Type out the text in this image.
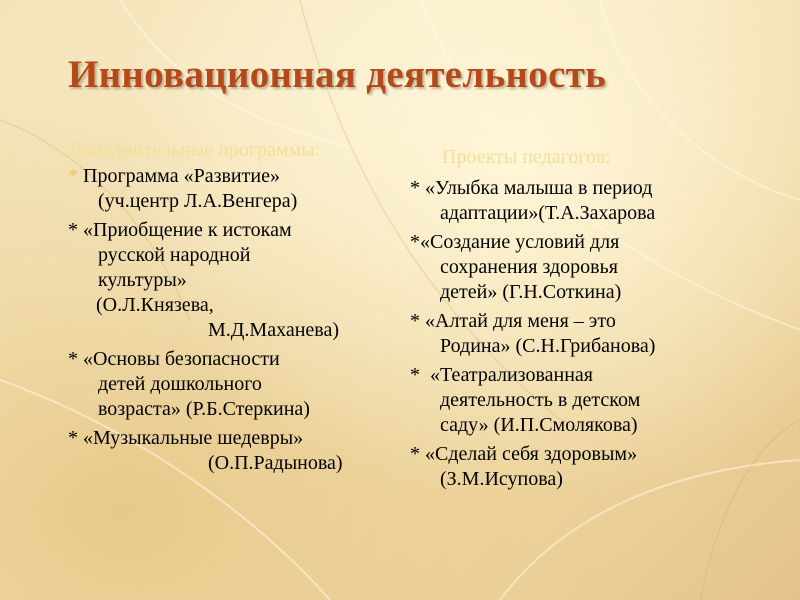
Инновационная деятельность
Дополнительные программы:
* Программа «Развитие»
(уч.центр Л.А.Венгера)
* «Приобщение к истокам
русской народной
культуры»
(О.Л.Князева,
М.Д.Маханева)
* «Основы безопасности
детей дошкольного
возраста» (Р.Б.Стеркина)
* «Музыкальные шедевры»
(О.П.Радынова)
Проекты педагогов:
* «Улыбка малыша в период
адаптации»(Т.А.Захарова
*«Создание условий для
сохранения здоровья
детей» (Г.Н.Соткина)
* «Алтай для меня – это
Родина» (С.Н.Грибанова)
*  «Театрализованная
деятельность в детском
саду» (И.П.Смолякова)
* «Сделай себя здоровым»
(З.М.Исупова)
